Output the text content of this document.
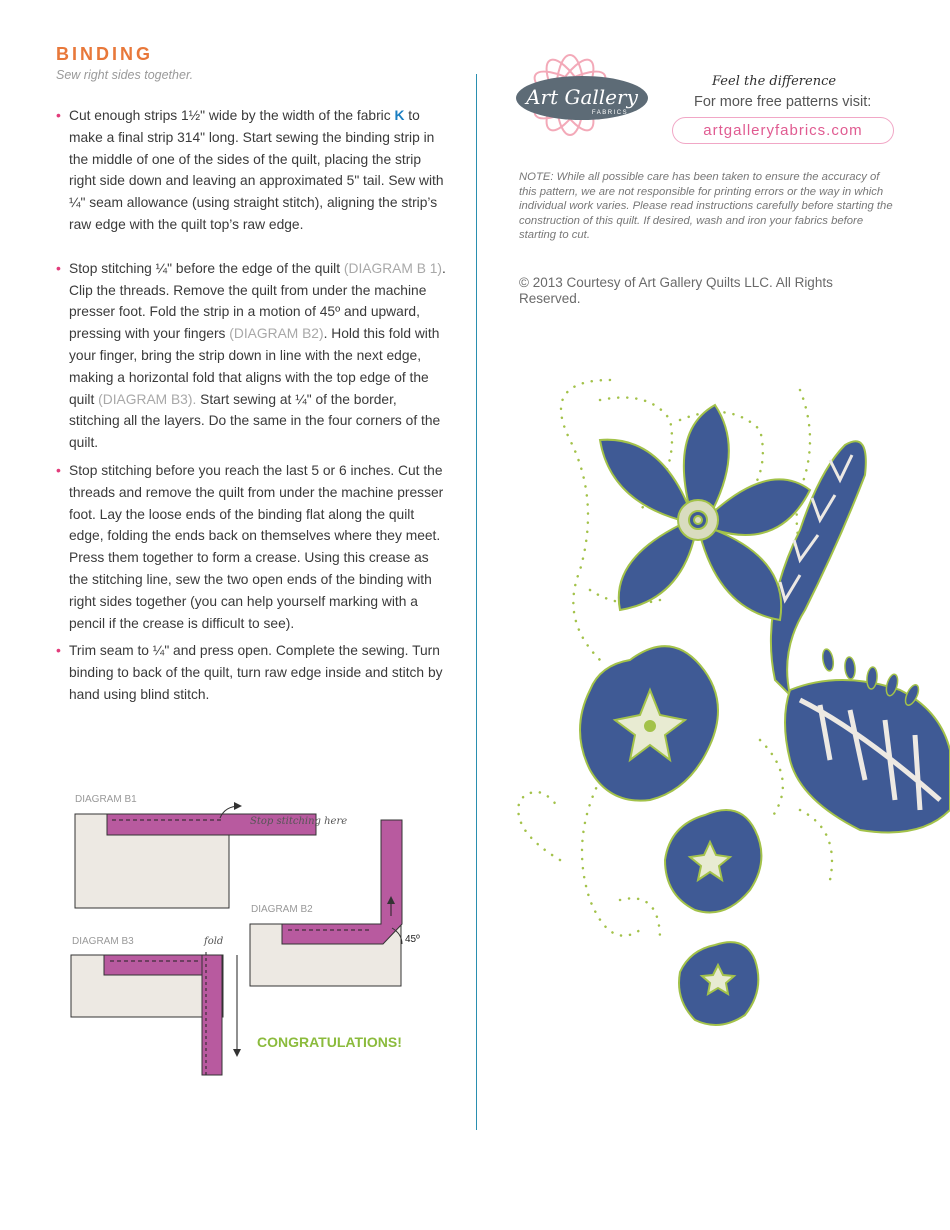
BINDING
Sew right sides together.
• Cut enough strips 1½" wide by the width of the fabric K to make a final strip 314" long. Start sewing the binding strip in the middle of one of the sides of the quilt, placing the strip right side down and leaving an approximated 5" tail. Sew with ¼" seam allowance (using straight stitch), aligning the strip’s raw edge with the quilt top’s raw edge.
• Stop stitching ¼" before the edge of the quilt (DIAGRAM B 1). Clip the threads. Remove the quilt from under the machine presser foot. Fold the strip in a motion of 45º and upward, pressing with your fingers (DIAGRAM B2). Hold this fold with your finger, bring the strip down in line with the next edge, making a horizontal fold that aligns with the top edge of the quilt (DIAGRAM B3). Start sewing at ¼" of the border, stitching all the layers. Do the same in the four corners of the quilt.
• Stop stitching before you reach the last 5 or 6 inches. Cut the threads and remove the quilt from under the machine presser foot. Lay the loose ends of the binding flat along the quilt edge, folding the ends back on themselves where they meet. Press them together to form a crease. Using this crease as the stitching line, sew the two open ends of the binding with right sides together (you can help yourself marking with a pencil if the crease is difficult to see).
• Trim seam to ¼" and press open. Complete the sewing. Turn binding to back of the quilt, turn raw edge inside and stitch by hand using blind stitch.
Art Gallery
FABRICS
Feel the difference
For more free patterns visit:
artgalleryfabrics.com

NOTE: While all possible care has been taken to ensure the accuracy of this pattern, we are not responsible for printing errors or the way in which individual work varies. Please read instructions carefully before starting the construction of this quilt. If desired, wash and iron your fabrics before starting to cut.

© 2013 Courtesy of Art Gallery Quilts LLC. All Rights Reserved.

DIAGRAM B1
DIAGRAM B2
DIAGRAM B3
Stop stitching here
fold	45º
CONGRATULATIONS!
